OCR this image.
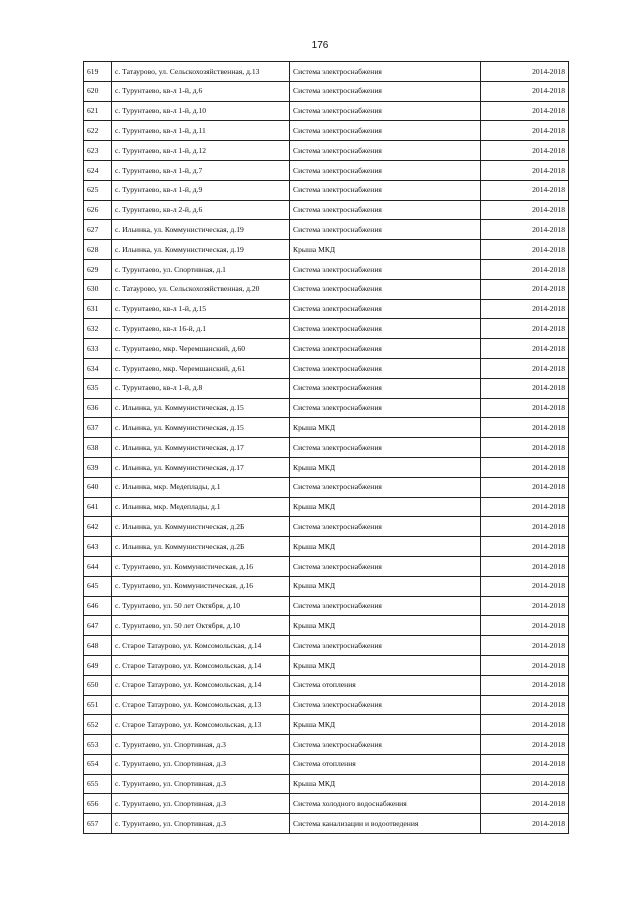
176
619	с. Татаурово, ул. Сельскохозяйственная, д.13	Система электроснабжения	2014-2018
620	с. Турунтаево, кв-л 1-й, д.6	Система электроснабжения	2014-2018
621	с. Турунтаево, кв-л 1-й, д.10	Система электроснабжения	2014-2018
622	с. Турунтаево, кв-л 1-й, д.11	Система электроснабжения	2014-2018
623	с. Турунтаево, кв-л 1-й, д.12	Система электроснабжения	2014-2018
624	с. Турунтаево, кв-л 1-й, д.7	Система электроснабжения	2014-2018
625	с. Турунтаево, кв-л 1-й, д.9	Система электроснабжения	2014-2018
626	с. Турунтаево, кв-л 2-й, д.6	Система электроснабжения	2014-2018
627	с. Ильинка, ул. Коммунистическая, д.19	Система электроснабжения	2014-2018
628	с. Ильинка, ул. Коммунистическая, д.19	Крыша МКД	2014-2018
629	с. Турунтаево, ул. Спортивная, д.1	Система электроснабжения	2014-2018
630	с. Татаурово, ул. Сельскохозяйственная, д.20	Система электроснабжения	2014-2018
631	с. Турунтаево, кв-л 1-й, д.15	Система электроснабжения	2014-2018
632	с. Турунтаево, кв-л 16-й, д.1	Система электроснабжения	2014-2018
633	с. Турунтаево, мкр. Черемшанский, д.60	Система электроснабжения	2014-2018
634	с. Турунтаево, мкр. Черемшанский, д.61	Система электроснабжения	2014-2018
635	с. Турунтаево, кв-л 1-й, д.8	Система электроснабжения	2014-2018
636	с. Ильинка, ул. Коммунистическая, д.15	Система электроснабжения	2014-2018
637	с. Ильинка, ул. Коммунистическая, д.15	Крыша МКД	2014-2018
638	с. Ильинка, ул. Коммунистическая, д.17	Система электроснабжения	2014-2018
639	с. Ильинка, ул. Коммунистическая, д.17	Крыша МКД	2014-2018
640	с. Ильинка, мкр. Медеплады, д.1	Система электроснабжения	2014-2018
641	с. Ильинка, мкр. Медеплады, д.1	Крыша МКД	2014-2018
642	с. Ильинка, ул. Коммунистическая, д.2Б	Система электроснабжения	2014-2018
643	с. Ильинка, ул. Коммунистическая, д.2Б	Крыша МКД	2014-2018
644	с. Турунтаево, ул. Коммунистическая, д.16	Система электроснабжения	2014-2018
645	с. Турунтаево, ул. Коммунистическая, д.16	Крыша МКД	2014-2018
646	с. Турунтаево, ул. 50 лет Октября, д.10	Система электроснабжения	2014-2018
647	с. Турунтаево, ул. 50 лет Октября, д.10	Крыша МКД	2014-2018
648	с. Старое Татаурово, ул. Комсомольская, д.14	Система электроснабжения	2014-2018
649	с. Старое Татаурово, ул. Комсомольская, д.14	Крыша МКД	2014-2018
650	с. Старое Татаурово, ул. Комсомольская, д.14	Система отопления	2014-2018
651	с. Старое Татаурово, ул. Комсомольская, д.13	Система электроснабжения	2014-2018
652	с. Старое Татаурово, ул. Комсомольская, д.13	Крыша МКД	2014-2018
653	с. Турунтаево, ул. Спортивная, д.3	Система электроснабжения	2014-2018
654	с. Турунтаево, ул. Спортивная, д.3	Система отопления	2014-2018
655	с. Турунтаево, ул. Спортивная, д.3	Крыша МКД	2014-2018
656	с. Турунтаево, ул. Спортивная, д.3	Система холодного водоснабжения	2014-2018
657	с. Турунтаево, ул. Спортивная, д.3	Система канализации и водоотведения	2014-2018
